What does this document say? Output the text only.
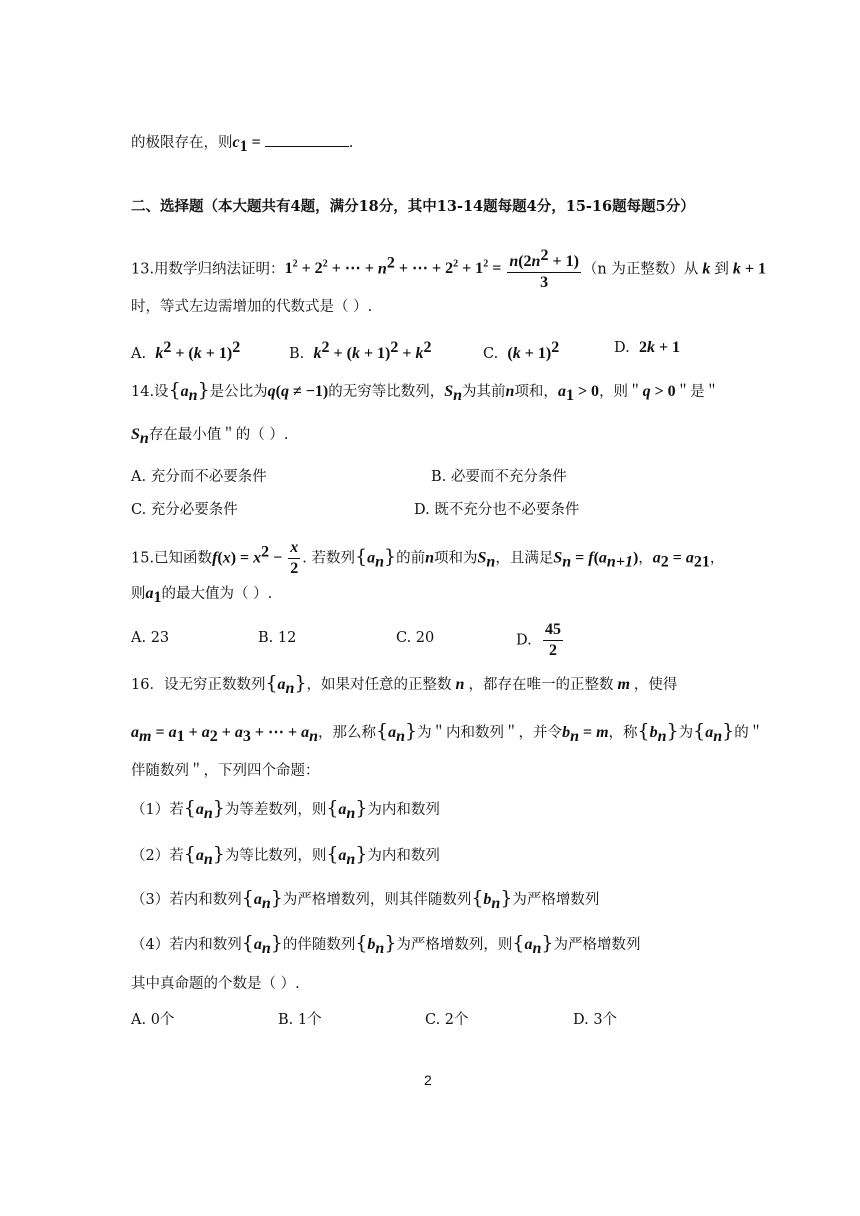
的极限存在，则$c_1$ =	.
二、选择题（本大题共有4题，满分18分，其中13-14题每题4分，15-16题每题5分）
13.用数学归纳法证明：$1^2 + 2^2$ + ⋯ + $n^2$ + ⋯ + $2^2 + 1^2 = \frac{n(2n^2 + 1)}{3} (n$ 为正整数）从 k 到 k + 1
时，等式左边需增加的代数式是（ ）.
A. $k^2 + (k + 1)^2$	B. $k^2 + (k + 1)^2 + k^2$	C. $(k + 1)^2$	D. 2k + 1
14.设$\{a_n\}$是公比为q(q ≠ −1)的无穷等比数列，$S_n$为其前n项和，$a_1 > 0$，则＂q > 0＂是＂
$S_n$存在最小值＂的（ ）.
A. 充分而不必要条件	B. 必要而不充分条件
C. 充分必要条件	D. 既不充分也不必要条件
15.已知函数$f(x) = x^2 - \frac{x}{2}$ . 若数列$\{a_n\}$的前n项和为$S_n$，且满足$S_n = f(a_{n+1})$，$a_2 = a_{21}$，
则$a_1$的最大值为（ ）.
A. 23	B. 12	C. 20	D. $\frac{45}{2}$
16．设无穷正数数列$\{a_n\}$，如果对任意的正整数 n ，都存在唯一的正整数 m ，使得
$a_m = a_1 + a_2 + a_3$ + ⋯ + $a_n$，那么称$\{a_n\}$为＂内和数列＂，并令$b_n = m$，称$\{b_n\}$为$\{a_n\}$的＂
伴随数列＂，下列四个命题：
（1）若$\{a_n\}$为等差数列，则$\{a_n\}$为内和数列
（2）若$\{a_n\}$为等比数列，则$\{a_n\}$为内和数列
（3）若内和数列$\{a_n\}$为严格增数列，则其伴随数列$\{b_n\}$为严格增数列
（4）若内和数列$\{a_n\}$的伴随数列$\{b_n\}$为严格增数列，则$\{a_n\}$为严格增数列
其中真命题的个数是（ ）.
A. 0个	B. 1个	C. 2个	D. 3个
2
